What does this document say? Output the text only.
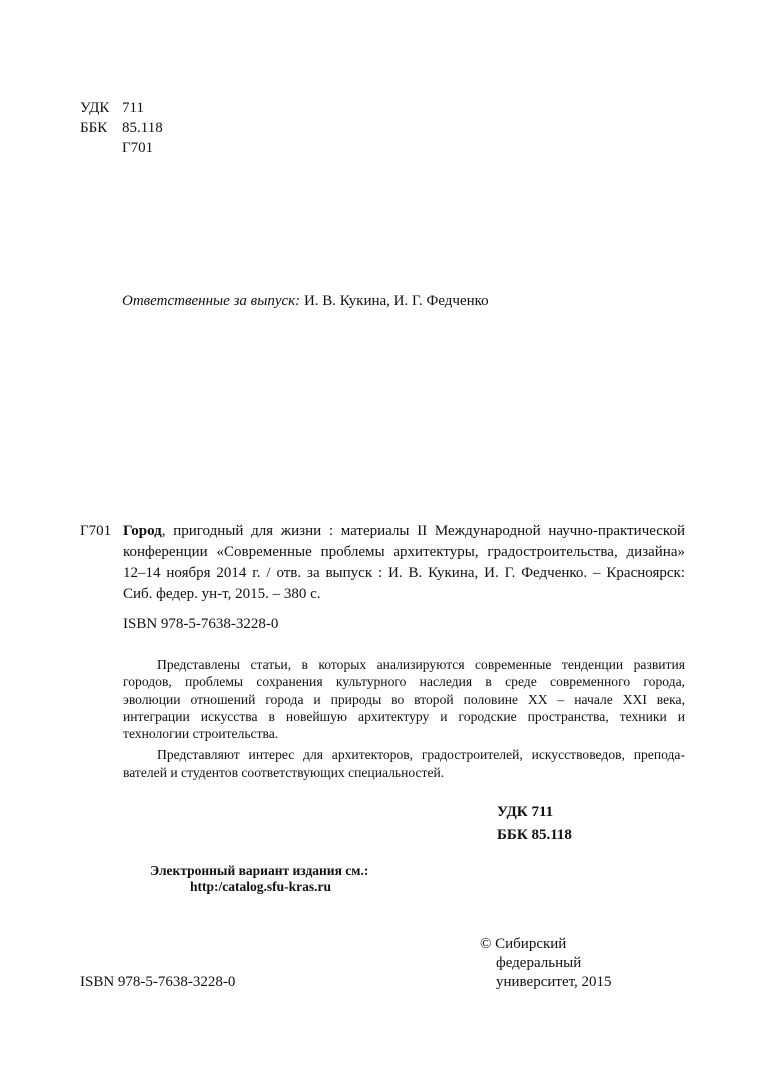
УДК 711
ББК 85.118
Г701
Ответственные за выпуск: И. В. Кукина, И. Г. Федченко
Г701 Город, пригодный для жизни : материалы II Международной научно-практической
конференции «Современные проблемы архитектуры, градостроительства, дизайна»
12–14 ноября 2014 г. / отв. за выпуск : И. В. Кукина, И. Г. Федченко. – Красноярск:
Сиб. федер. ун-т, 2015. – 380 с.
ISBN 978-5-7638-3228-0
Представлены статьи, в которых анализируются современные тенденции развития
городов, проблемы сохранения культурного наследия в среде современного города,
эволюции отношений города и природы во второй половине XX – начале XXI века,
интеграции искусства в новейшую архитектуру и городские пространства, техники и
технологии строительства.
Представляют интерес для архитекторов, градостроителей, искусствоведов, препода-
вателей и студентов соответствующих специальностей.
УДК 711
ББК 85.118
Электронный вариант издания см.:
http:/catalog.sfu-kras.ru
© Сибирский
федеральный
университет, 2015
ISBN 978-5-7638-3228-0
